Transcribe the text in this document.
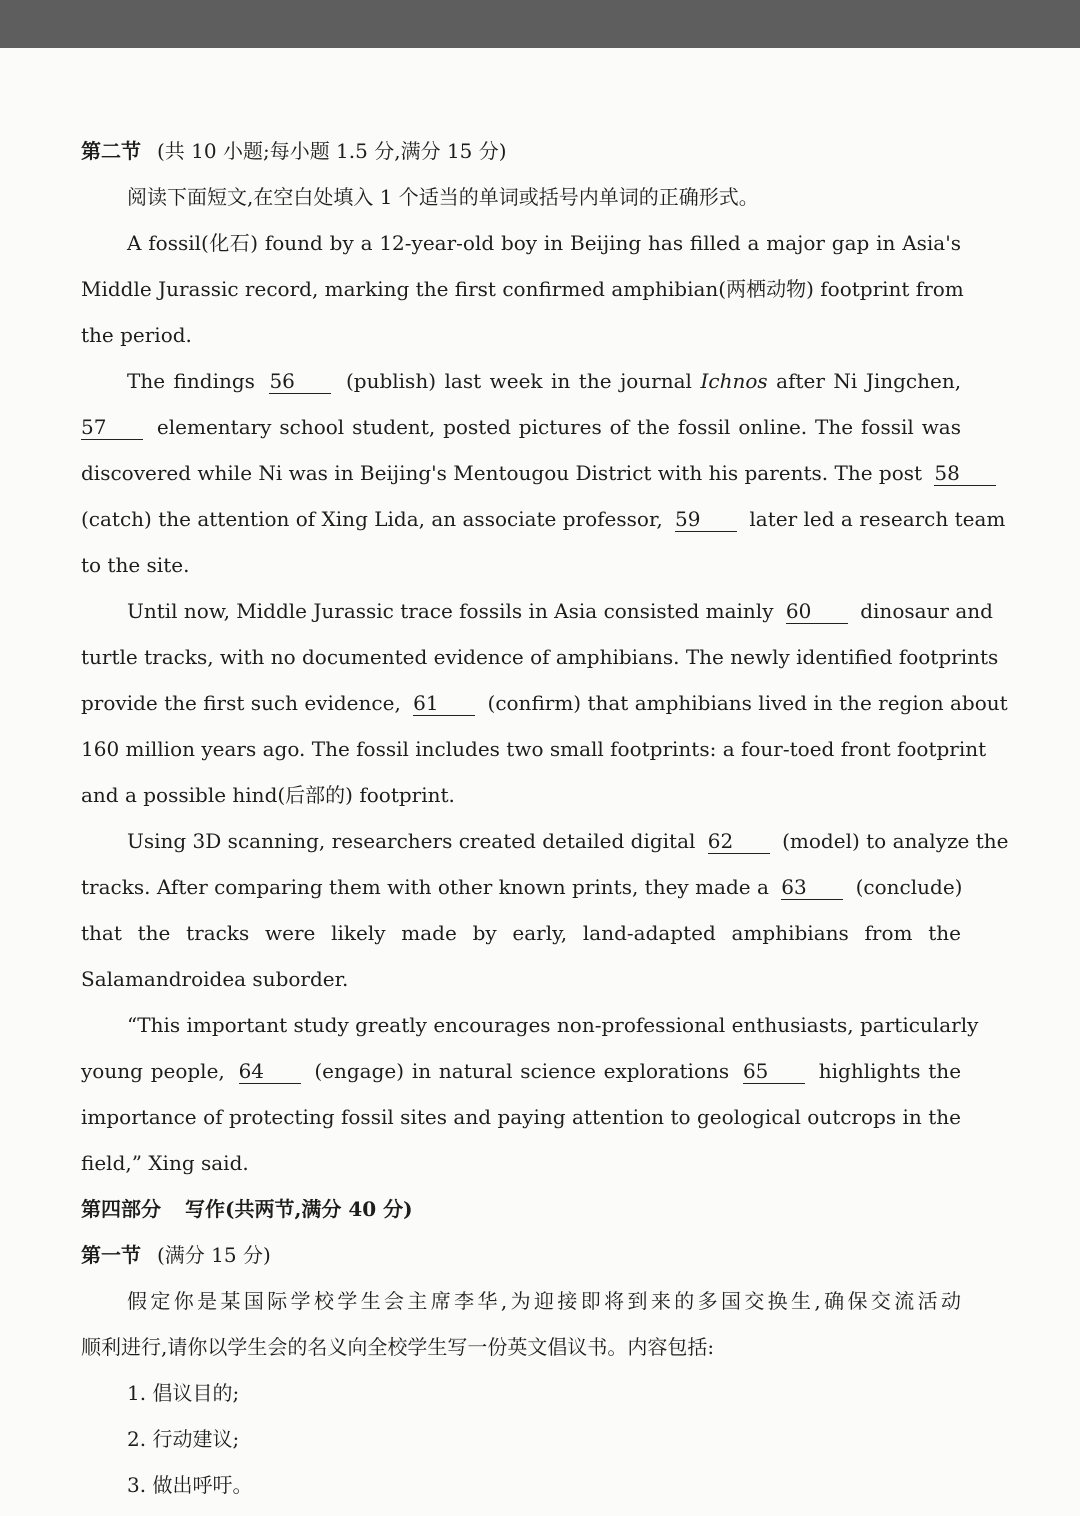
第二节 (共 10 小题;每小题 1.5 分,满分 15 分)
阅读下面短文,在空白处填入 1 个适当的单词或括号内单词的正确形式。
A fossil(化石) found by a 12-year-old boy in Beijing has filled a major gap in Asia's
Middle Jurassic record, marking the first confirmed amphibian(两栖动物) footprint from
the period.
The findings 56	(publish) last week in the journal Ichnos after Ni Jingchen,
57	elementary school student, posted pictures of the fossil online. The fossil was
discovered while Ni was in Beijing's Mentougou District with his parents. The post 58
(catch) the attention of Xing Lida, an associate professor, 59 later led a research team
to the site.
Until now, Middle Jurassic trace fossils in Asia consisted mainly 60 dinosaur and
turtle tracks, with no documented evidence of amphibians. The newly identified footprints
provide the first such evidence, 61 (confirm) that amphibians lived in the region about
160 million years ago. The fossil includes two small footprints: a four-toed front footprint
and a possible hind(后部的) footprint.
Using 3D scanning, researchers created detailed digital 62 (model) to analyze the
tracks. After comparing them with other known prints, they made a 63 (conclude)
that the tracks were likely made by early, land-adapted amphibians from the
Salamandroidea suborder.
“This important study greatly encourages non-professional enthusiasts, particularly
young people, 64	(engage) in natural science explorations 65	highlights the
importance of protecting fossil sites and paying attention to geological outcrops in the
field,” Xing said.
第四部分 写作(共两节,满分 40 分)
第一节 (满分 15 分)
假定你是某国际学校学生会主席李华,为迎接即将到来的多国交换生,确保交流活动
顺利进行,请你以学生会的名义向全校学生写一份英文倡议书。内容包括:
1. 倡议目的;
2. 行动建议;
3. 做出呼吁。
